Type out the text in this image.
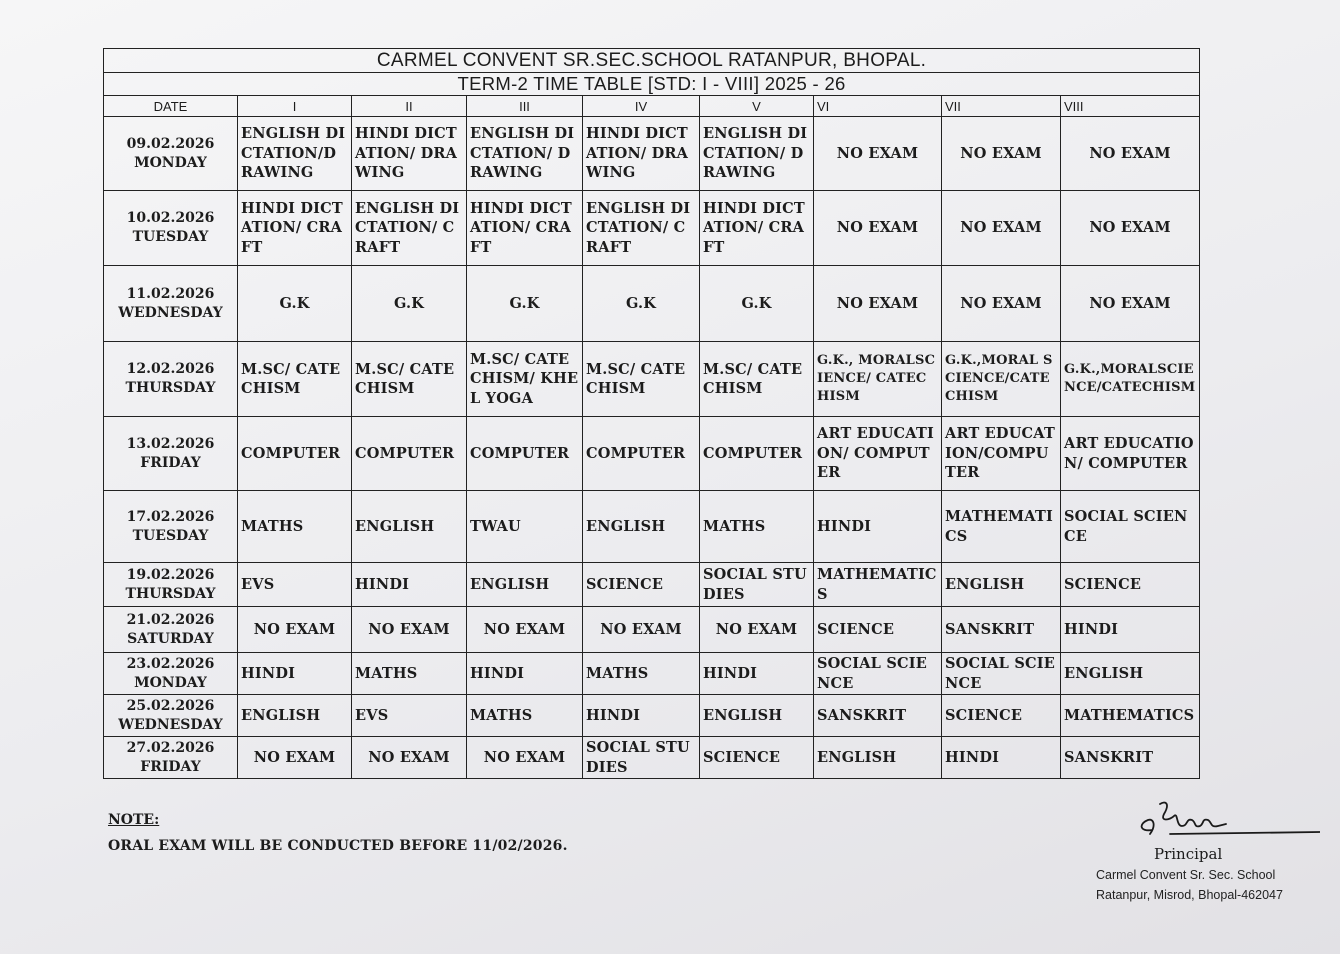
CARMEL CONVENT SR.SEC.SCHOOL RATANPUR, BHOPAL.								
TERM-2 TIME TABLE [STD: I - VIII] 2025 - 26								
DATE	I	II	III	IV	V	VI	VII	VIII

09.02.2026
MONDAY	ENGLISH DICTATION/DRAWING	HINDI DICTATION/ DRAWING	ENGLISH DICTATION/ DRAWING	HINDI DICTATION/ DRAWING	ENGLISH DICTATION/ DRAWING	NO EXAM	NO EXAM	NO EXAM

10.02.2026
TUESDAY	HINDI DICTATION/ CRAFT	ENGLISH DICTATION/ CRAFT	HINDI DICTATION/ CRAFT	ENGLISH DICTATION/ CRAFT	HINDI DICTATION/ CRAFT	NO EXAM	NO EXAM	NO EXAM

11.02.2026
WEDNESDAY	G.K	G.K	G.K	G.K	G.K	NO EXAM	NO EXAM	NO EXAM

12.02.2026
THURSDAY	M.SC/ CATECHISM	M.SC/ CATECHISM	M.SC/ CATECHISM/ KHEL YOGA	M.SC/ CATECHISM	M.SC/ CATECHISM	G.K., MORALSCIENCE/ CATECHISM	G.K.,MORAL SCIENCE/CATECHISM	G.K.,MORALSCIENCE/CATECHISM

13.02.2026
FRIDAY	COMPUTER	COMPUTER	COMPUTER	COMPUTER	COMPUTER	ART EDUCATION/ COMPUTER	ART EDUCATION/COMPUTER	ART EDUCATION/ COMPUTER

17.02.2026
TUESDAY	MATHS	ENGLISH	TWAU	ENGLISH	MATHS	HINDI	MATHEMATICS	SOCIAL SCIENCE

19.02.2026
THURSDAY	EVS	HINDI	ENGLISH	SCIENCE	SOCIAL STUDIES	MATHEMATICS	ENGLISH	SCIENCE

21.02.2026
SATURDAY	NO EXAM	NO EXAM	NO EXAM	NO EXAM	NO EXAM	SCIENCE	SANSKRIT	HINDI

23.02.2026
MONDAY	HINDI	MATHS	HINDI	MATHS	HINDI	SOCIAL SCIENCE	SOCIAL SCIENCE	ENGLISH

25.02.2026
WEDNESDAY	ENGLISH	EVS	MATHS	HINDI	ENGLISH	SANSKRIT	SCIENCE	MATHEMATICS

27.02.2026
FRIDAY	NO EXAM	NO EXAM	NO EXAM	SOCIAL STUDIES	SCIENCE	ENGLISH	HINDI	SANSKRIT
NOTE:
ORAL EXAM WILL BE CONDUCTED BEFORE 11/02/2026.	Principal
Carmel Convent Sr. Sec. School
Ratanpur, Misrod, Bhopal-462047
